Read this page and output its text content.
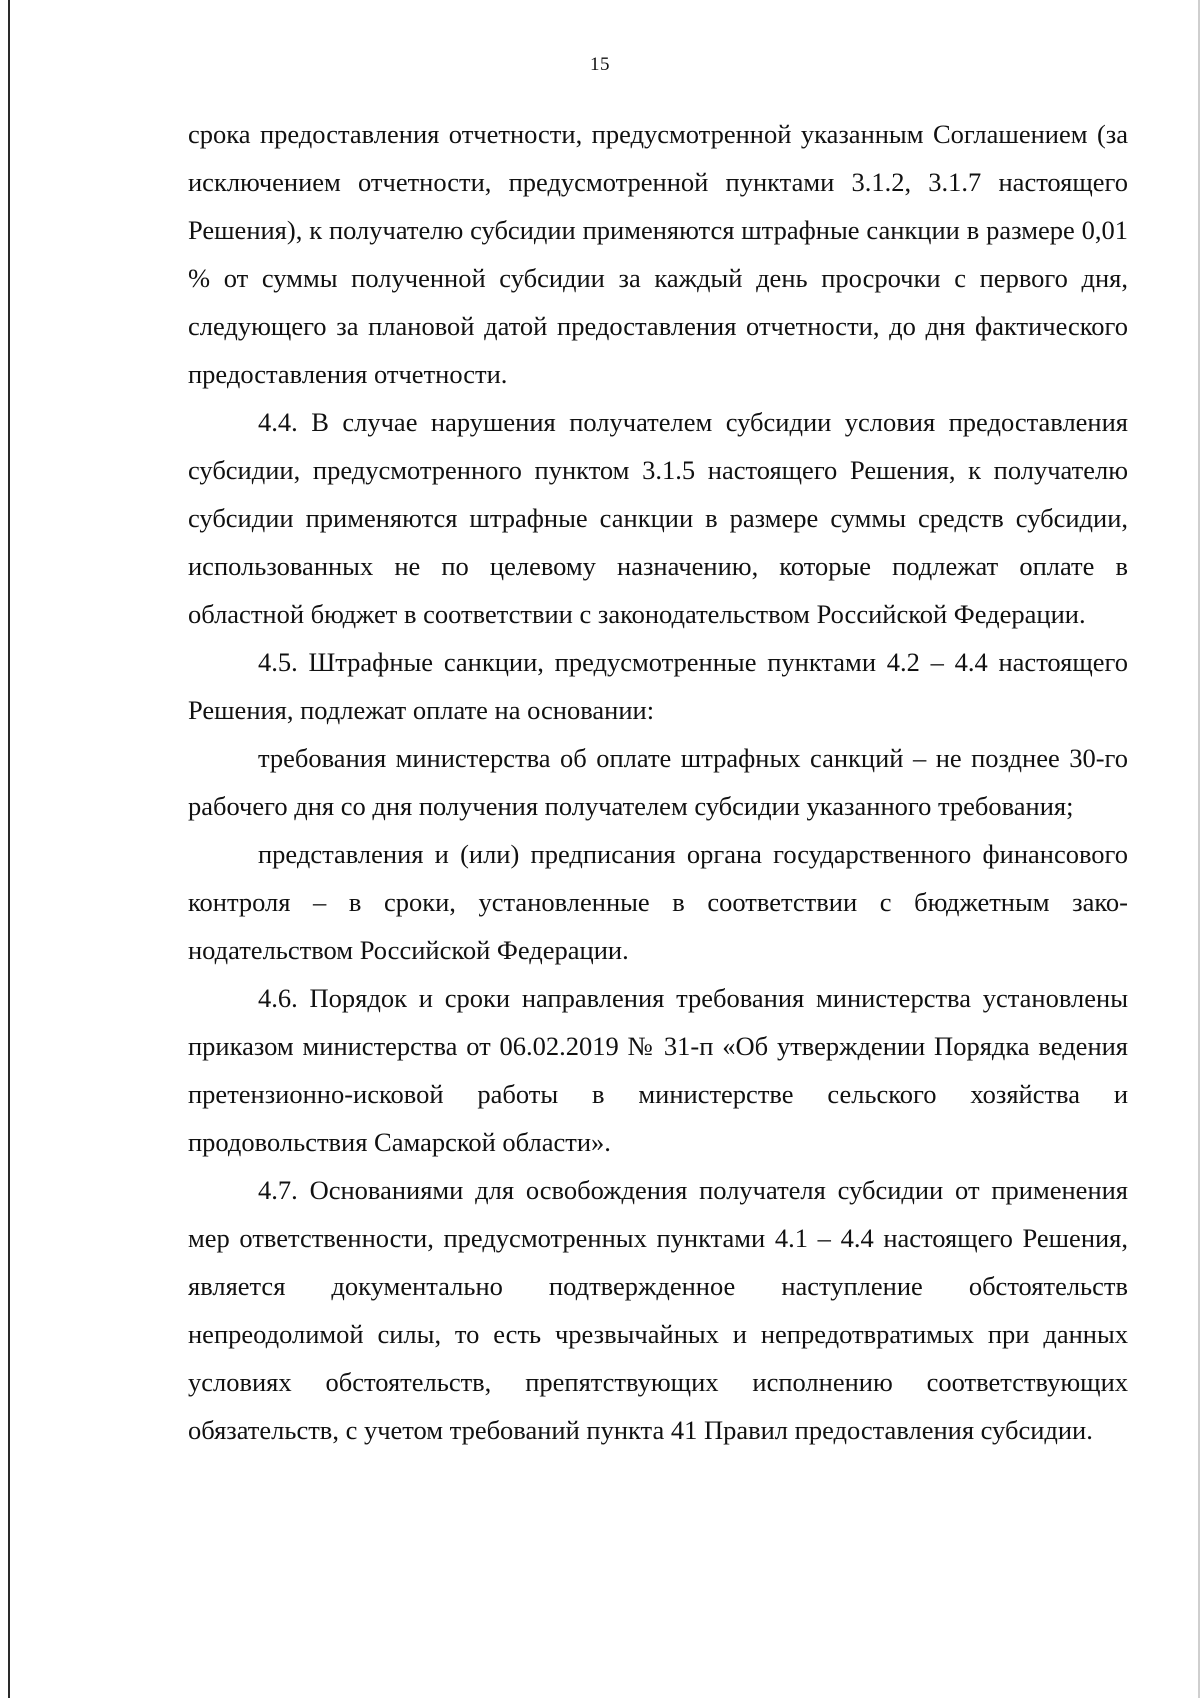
15

срока предоставления отчетности, предусмотренной указанным Соглашением (за исключением отчетности, предусмотренной пунктами 3.1.2, 3.1.7 настоящего Решения), к получателю субсидии применяются штрафные санкции в размере 0,01 % от суммы полученной субсидии за каждый день просрочки с первого дня, следующего за плановой датой предоставления отчетности, до дня фактического предоставления отчетности.

4.4. В случае нарушения получателем субсидии условия предоставления субсидии, предусмотренного пунктом 3.1.5 настоящего Решения, к получателю субсидии применяются штрафные санкции в размере суммы средств субсидии, использованных не по целевому назначению, которые подлежат оплате в областной бюджет в соответствии с законодательством Российской Федерации.

4.5. Штрафные санкции, предусмотренные пунктами 4.2 – 4.4 настоящего Решения, подлежат оплате на основании:

требования министерства об оплате штрафных санкций – не позднее 30-го рабочего дня со дня получения получателем субсидии указанного требования;

представления и (или) предписания органа государственного финансового контроля – в сроки, установленные в соответствии с бюджетным законодательством Российской Федерации.

4.6. Порядок и сроки направления требования министерства установлены приказом министерства от 06.02.2019 № 31-п «Об утверждении Порядка ведения претензионно-исковой работы в министерстве сельского хозяйства и продовольствия Самарской области».

4.7. Основаниями для освобождения получателя субсидии от применения мер ответственности, предусмотренных пунктами 4.1 – 4.4 настоящего Решения, является документально подтвержденное наступление обстоятельств непреодолимой силы, то есть чрезвычайных и непредотвратимых при данных условиях обстоятельств, препятствующих исполнению соответствующих обязательств, с учетом требований пункта 41 Правил предоставления субсидии.
